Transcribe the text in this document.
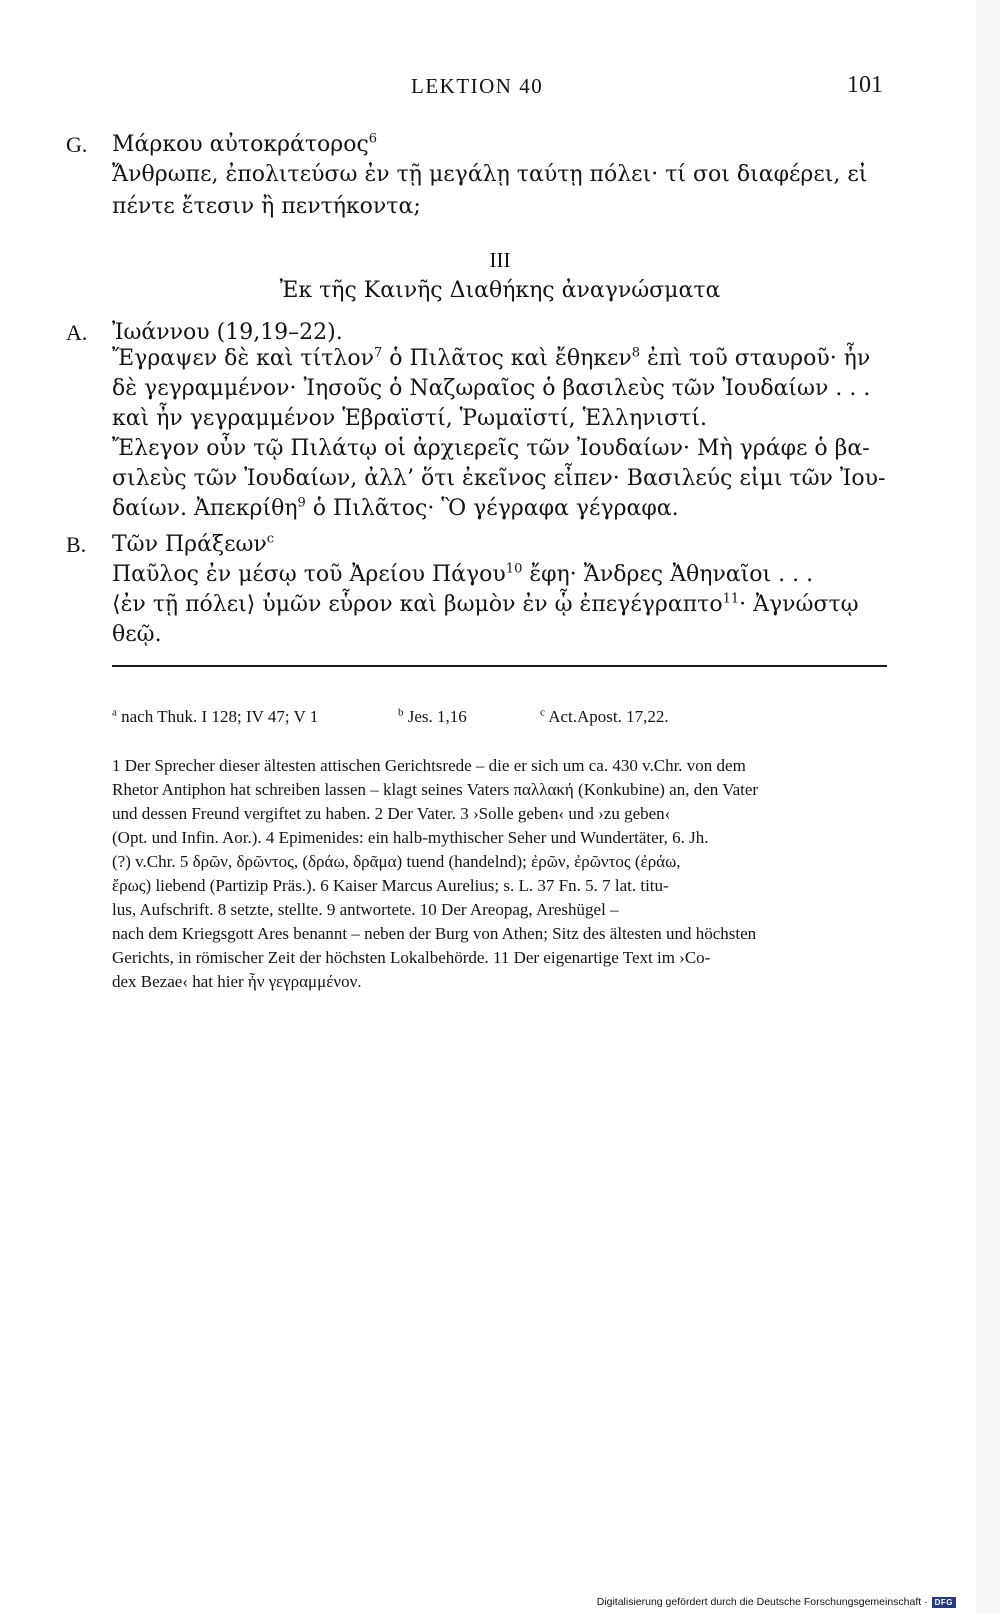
LEKTION 40	101
G. Μάρκου αὐτοκράτορος$^6$
Ἄνθρωπε, ἐπολιτεύσω ἐν τῇ μεγάλῃ ταύτῃ πόλει· τί σοι διαφέρει, εἰ
πέντε ἔτεσιν ἢ πεντήκοντα;
III
Ἐκ τῆς Καινῆς Διαθήκης ἀναγνώσματα
A. Ἰωάννου (19,19–22).
Ἔγραψεν δὲ καὶ τίτλον$^7$ ὁ Πιλᾶτος καὶ ἔθηκεν$^8$ ἐπὶ τοῦ σταυροῦ· ἦν
δὲ γεγραμμένον· Ἰησοῦς ὁ Ναζωραῖος ὁ βασιλεὺς τῶν Ἰουδαίων . . .
καὶ ἦν γεγραμμένον Ἑβραϊστί, Ῥωμαϊστί, Ἑλληνιστί.
Ἔλεγον οὖν τῷ Πιλάτῳ οἱ ἀρχιερεῖς τῶν Ἰουδαίων· Μὴ γράφε ὁ βα-
σιλεὺς τῶν Ἰουδαίων, ἀλλ’ ὅτι ἐκεῖνος εἶπεν· Βασιλεύς εἰμι τῶν Ἰου-
δαίων. Ἀπεκρίθη$^9$ ὁ Πιλᾶτος· Ὃ γέγραφα γέγραφα.
B. Τῶν Πράξεων$^c$
Παῦλος ἐν μέσῳ τοῦ Ἀρείου Πάγου$^{10}$ ἔφη· Ἄνδρες Ἀθηναῖοι . . .
⟨ἐν τῇ πόλει⟩ ὑμῶν εὗρον καὶ βωμὸν ἐν ᾧ ἐπεγέγραπτο$^{11}$· Ἀγνώστῳ
θεῷ.
$^a$ nach Thuk. I 128; IV 47; V 1	$^b$ Jes. 1,16	$^c$ Act.Apost. 17,22.
1 Der Sprecher dieser ältesten attischen Gerichtsrede – die er sich um ca. 430 v.Chr. von dem
Rhetor Antiphon hat schreiben lassen – klagt seines Vaters παλλακή (Konkubine) an, den Vater
und dessen Freund vergiftet zu haben. 2 Der Vater. 3 ›Solle geben‹ und ›zu geben‹
(Opt. und Infin. Aor.). 4 Epimenides: ein halb-mythischer Seher und Wundertäter, 6. Jh.
(?) v.Chr. 5 δρῶν, δρῶντος, (δράω, δρᾶμα) tuend (handelnd); ἐρῶν, ἐρῶντος (ἐράω,
ἔρως) liebend (Partizip Präs.). 6 Kaiser Marcus Aurelius; s. L. 37 Fn. 5. 7 lat. titu-
lus, Aufschrift. 8 setzte, stellte. 9 antwortete. 10 Der Areopag, Areshügel –
nach dem Kriegsgott Ares benannt – neben der Burg von Athen; Sitz des ältesten und höchsten
Gerichts, in römischer Zeit der höchsten Lokalbehörde. 11 Der eigenartige Text im ›Co-
dex Bezae‹ hat hier ἦν γεγραμμένον.
Digitalisierung gefördert durch die Deutsche Forschungsgemeinschaft · DFG
